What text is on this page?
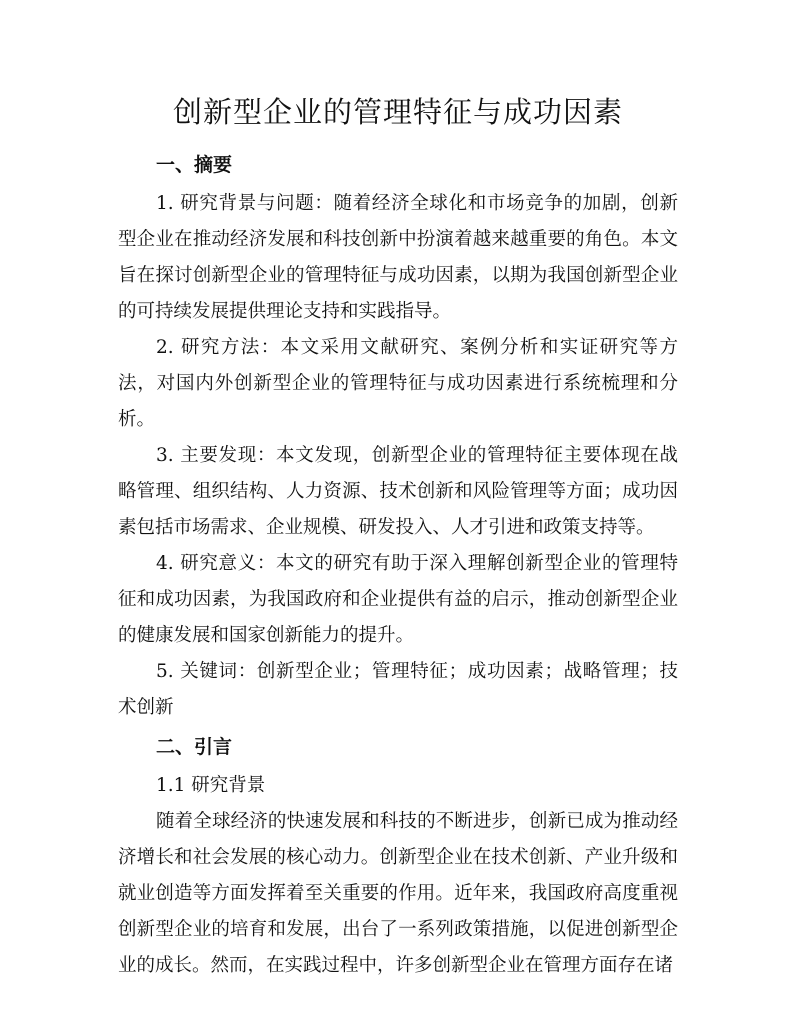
创新型企业的管理特征与成功因素
一、摘要

1. 研究背景与问题：随着经济全球化和市场竞争的加剧，创新型企业在推动经济发展和科技创新中扮演着越来越重要的角色。本文旨在探讨创新型企业的管理特征与成功因素，以期为我国创新型企业的可持续发展提供理论支持和实践指导。

2. 研究方法：本文采用文献研究、案例分析和实证研究等方法，对国内外创新型企业的管理特征与成功因素进行系统梳理和分析。

3. 主要发现：本文发现，创新型企业的管理特征主要体现在战略管理、组织结构、人力资源、技术创新和风险管理等方面；成功因素包括市场需求、企业规模、研发投入、人才引进和政策支持等。

4. 研究意义：本文的研究有助于深入理解创新型企业的管理特征和成功因素，为我国政府和企业提供有益的启示，推动创新型企业的健康发展和国家创新能力的提升。

5. 关键词：创新型企业；管理特征；成功因素；战略管理；技术创新

二、引言
1.1 研究背景

随着全球经济的快速发展和科技的不断进步，创新已成为推动经济增长和社会发展的核心动力。创新型企业在技术创新、产业升级和就业创造等方面发挥着至关重要的作用。近年来，我国政府高度重视创新型企业的培育和发展，出台了一系列政策措施，以促进创新型企业的成长。然而，在实践过程中，许多创新型企业在管理方面存在诸
